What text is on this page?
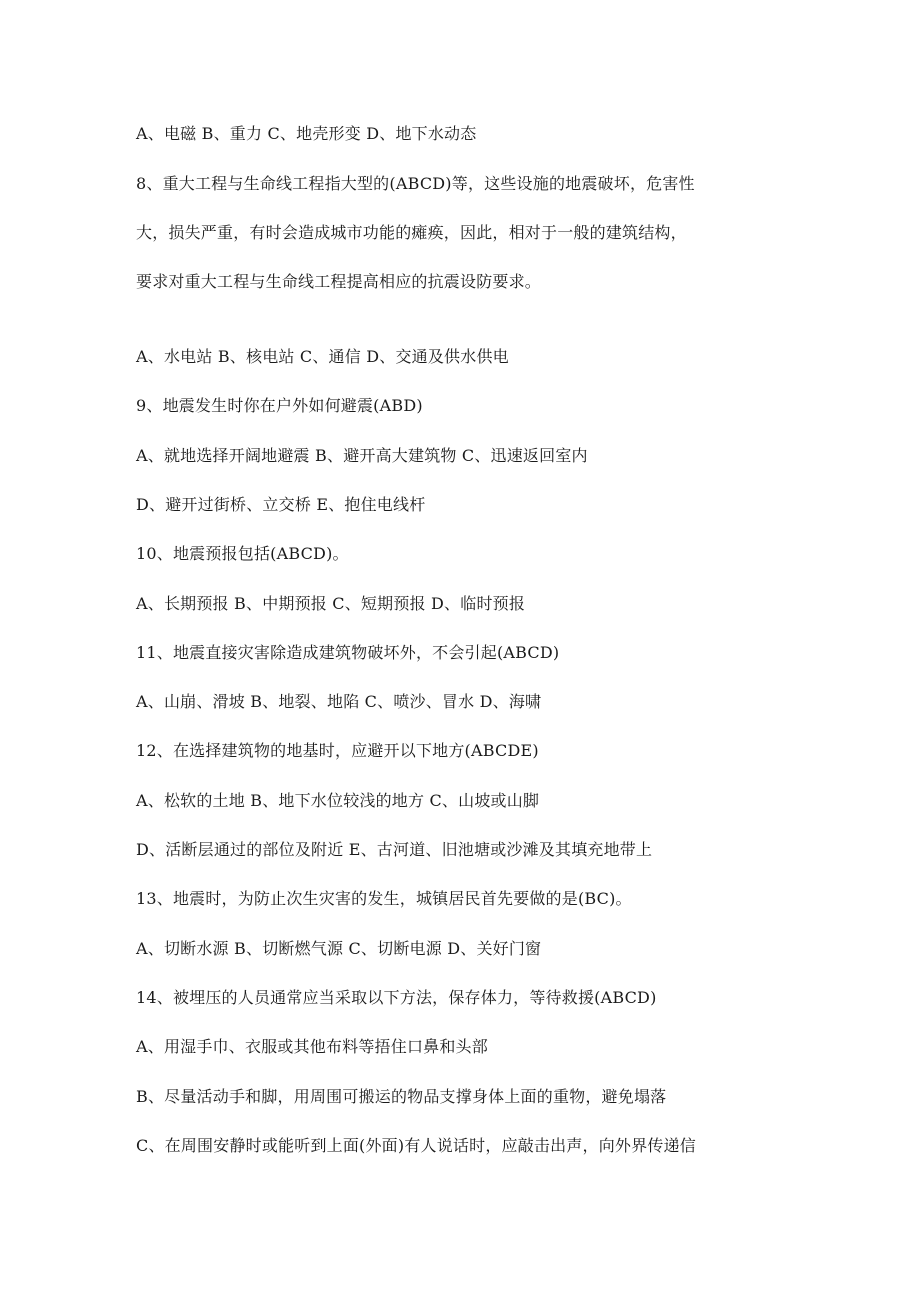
A、电磁 B、重力 C、地壳形变 D、地下水动态
8、重大工程与生命线工程指大型的(ABCD)等，这些设施的地震破坏，危害性
大，损失严重，有时会造成城市功能的瘫痪，因此，相对于一般的建筑结构，
要求对重大工程与生命线工程提高相应的抗震设防要求。
A、水电站 B、核电站 C、通信 D、交通及供水供电
9、地震发生时你在户外如何避震(ABD)
A、就地选择开阔地避震 B、避开高大建筑物 C、迅速返回室内
D、避开过街桥、立交桥 E、抱住电线杆
10、地震预报包括(ABCD)。
A、长期预报 B、中期预报 C、短期预报 D、临时预报
11、地震直接灾害除造成建筑物破坏外，不会引起(ABCD)
A、山崩、滑坡 B、地裂、地陷 C、喷沙、冒水 D、海啸
12、在选择建筑物的地基时，应避开以下地方(ABCDE)
A、松软的土地 B、地下水位较浅的地方 C、山坡或山脚
D、活断层通过的部位及附近 E、古河道、旧池塘或沙滩及其填充地带上
13、地震时，为防止次生灾害的发生，城镇居民首先要做的是(BC)。
A、切断水源 B、切断燃气源 C、切断电源 D、关好门窗
14、被埋压的人员通常应当采取以下方法，保存体力，等待救援(ABCD)
A、用湿手巾、衣服或其他布料等捂住口鼻和头部
B、尽量活动手和脚，用周围可搬运的物品支撑身体上面的重物，避免塌落
C、在周围安静时或能听到上面(外面)有人说话时，应敲击出声，向外界传递信
